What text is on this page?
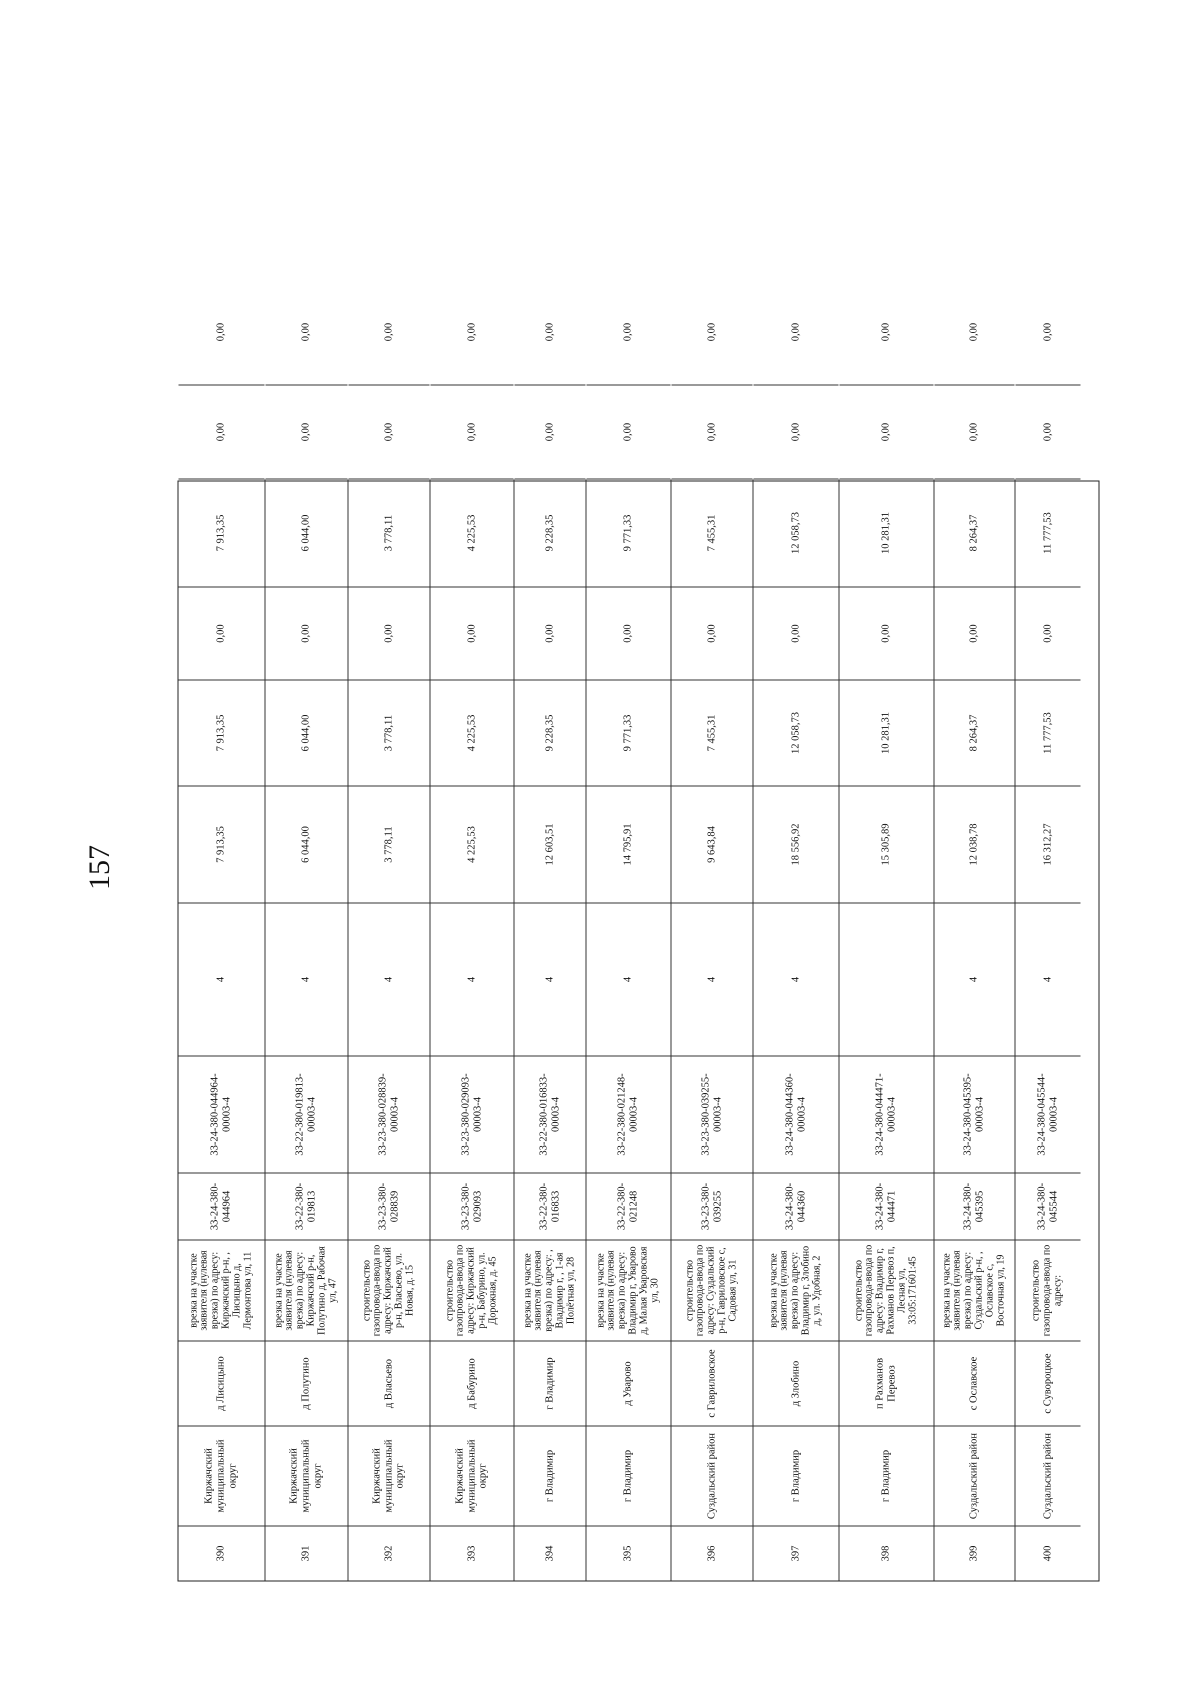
157
390
Киржачский муниципальный округ
д Лисицыно
врезка на участке заявителя (нулевая врезка) по адресу: Киржачский р-н, , Лисицыно д, Лермонтова ул, 11
33-24-380-044964
33-24-380-044964-00003-4
4
7 913,35
7 913,35
0,00
7 913,35
0,00
0,00
391
Киржачский муниципальный округ
д Полутино
врезка на участке заявителя (нулевая врезка) по адресу: Киржачский р-н, Полутино д, Рабочая ул, 47
33-22-380-019813
33-22-380-019813-00003-4
4
6 044,00
6 044,00
0,00
6 044,00
0,00
0,00
392
Киржачский муниципальный округ
д Власьево
строительство газопровода-ввода по адресу: Киржачский р-н, Власьево, ул. Новая, д. 15
33-23-380-028839
33-23-380-028839-00003-4
4
3 778,11
3 778,11
0,00
3 778,11
0,00
0,00
393
Киржачский муниципальный округ
д Бабурино
строительство газопровода-ввода по адресу: Киржачский р-н, Бабурино, ул. Дорожная, д. 45
33-23-380-029093
33-23-380-029093-00003-4
4
4 225,53
4 225,53
0,00
4 225,53
0,00
0,00
394
г Владимир
г Владимир
врезка на участке заявителя (нулевая врезка) по адресу: , Владимир г, , 1-ая Полётная ул, 28
33-22-380-016833
33-22-380-016833-00003-4
4
12 603,51
9 228,35
0,00
9 228,35
0,00
0,00
395
г Владимир
д Уварово
врезка на участке заявителя (нулевая врезка) по адресу: Владимир г, Уварово д, Малая Уваровская ул, 30
33-22-380-021248
33-22-380-021248-00003-4
4
14 795,91
9 771,33
0,00
9 771,33
0,00
0,00
396
Суздальский район
с Гавриловское
строительство газопровода-ввода по адресу: Суздальский р-н, Гавриловское с, Садовая ул, 31
33-23-380-039255
33-23-380-039255-00003-4
4
9 643,84
7 455,31
0,00
7 455,31
0,00
0,00
397
г Владимир
д Злобино
врезка на участке заявителя (нулевая врезка) по адресу: Владимир г, Злобино д, ул. Удобная, 2
33-24-380-044360
33-24-380-044360-00003-4
4
18 556,92
12 058,73
0,00
12 058,73
0,00
0,00
398
г Владимир
п Рахманов Перевоз
строительство газопровода-ввода по адресу: Владимир г, Рахманов Перевоз п, Лесная ул, 33:05:171601:45
33-24-380-044471
33-24-380-044471-00003-4
15 305,89
10 281,31
0,00
10 281,31
0,00
0,00
399
Суздальский район
с Ославское
врезка на участке заявителя (нулевая врезка) по адресу: Суздальский р-н, , Ославское с, Восточная ул, 19
33-24-380-045395
33-24-380-045395-00003-4
4
12 038,78
8 264,37
0,00
8 264,37
0,00
0,00
400
Суздальский район
с Сувороцкое
строительство газопровода-ввода по адресу:
33-24-380-045544
33-24-380-045544-00003-4
4
16 312,27
11 777,53
0,00
11 777,53
0,00
0,00
